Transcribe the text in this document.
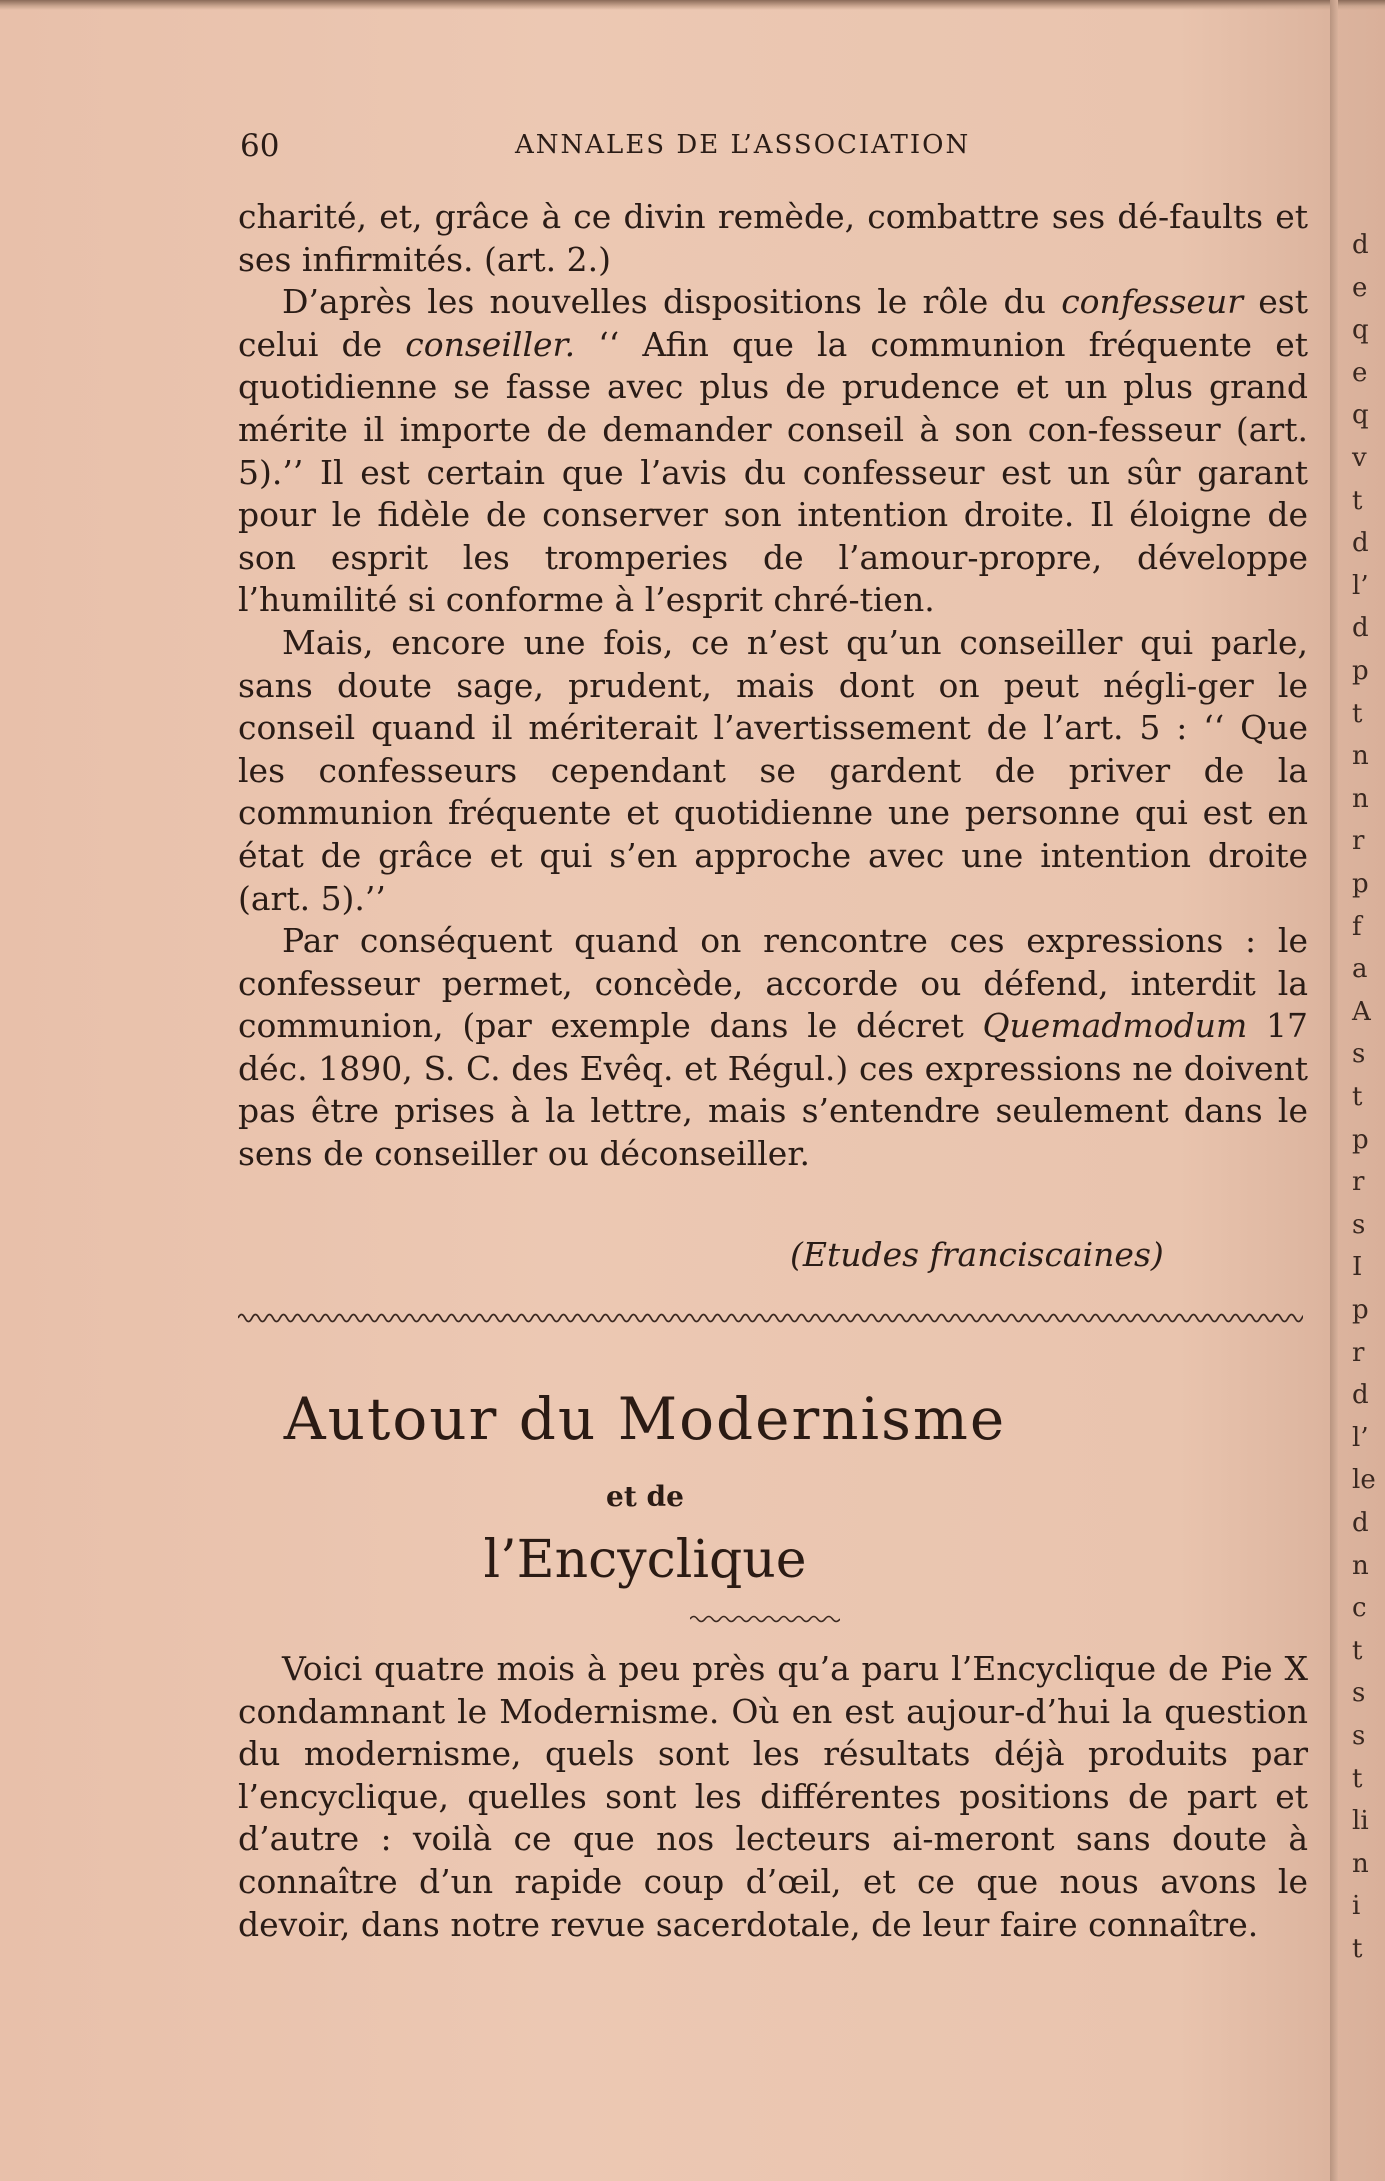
60	ANNALES DE L’ASSOCIATION

charité, et, grâce à ce divin remède, combattre ses dé-faults et ses infirmités. (art. 2.)

D’après les nouvelles dispositions le rôle du confesseur est celui de conseiller. ‘‘ Afin que la communion fréquente et quotidienne se fasse avec plus de prudence et un plus grand mérite il importe de demander conseil à son con-fesseur (art. 5).’’ Il est certain que l’avis du confesseur est un sûr garant pour le fidèle de conserver son intention droite. Il éloigne de son esprit les tromperies de l’amour-propre, développe l’humilité si conforme à l’esprit chré-tien.

Mais, encore une fois, ce n’est qu’un conseiller qui parle, sans doute sage, prudent, mais dont on peut négli-ger le conseil quand il mériterait l’avertissement de l’art. 5 : ‘‘ Que les confesseurs cependant se gardent de priver de la communion fréquente et quotidienne une personne qui est en état de grâce et qui s’en approche avec une intention droite (art. 5).’’

Par conséquent quand on rencontre ces expressions : le confesseur permet, concède, accorde ou défend, interdit la communion, (par exemple dans le décret Quemadmodum 17 déc. 1890, S. C. des Evêq. et Régul.) ces expressions ne doivent pas être prises à la lettre, mais s’entendre seulement dans le sens de conseiller ou déconseiller.

(Etudes franciscaines)
Autour du Modernisme
et de
l’Encyclique

Voici quatre mois à peu près qu’a paru l’Encyclique de Pie X condamnant le Modernisme. Où en est aujour-d’hui la question du modernisme, quels sont les résultats déjà produits par l’encyclique, quelles sont les différentes positions de part et d’autre : voilà ce que nos lecteurs ai-meront sans doute à connaître d’un rapide coup d’œil, et ce que nous avons le devoir, dans notre revue sacerdotale, de leur faire connaître.

d
e
q
e
q
v
t
d
l’
d
p
t
n
n
r
p
f
a
A
s
t
p
r
s
I
p
r
d
l’
le
d
n
c
t
s
s
t
li
n
i
t
